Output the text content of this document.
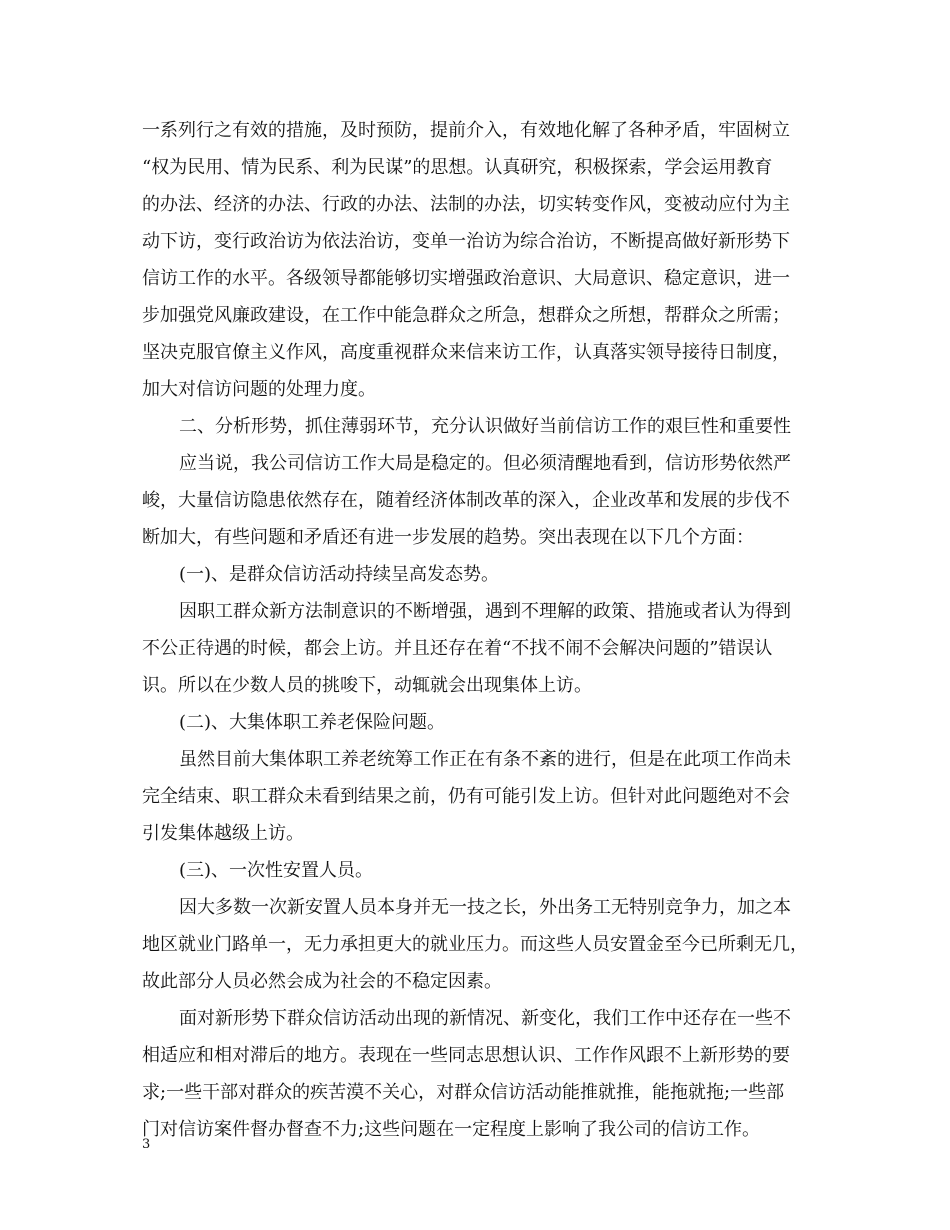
一系列行之有效的措施，及时预防，提前介入，有效地化解了各种矛盾，牢固树立
“权为民用、情为民系、利为民谋”的思想。认真研究，积极探索，学会运用教育
的办法、经济的办法、行政的办法、法制的办法，切实转变作风，变被动应付为主
动下访，变行政治访为依法治访，变单一治访为综合治访，不断提高做好新形势下
信访工作的水平。各级领导都能够切实增强政治意识、大局意识、稳定意识，进一
步加强党风廉政建设，在工作中能急群众之所急，想群众之所想，帮群众之所需；
坚决克服官僚主义作风，高度重视群众来信来访工作，认真落实领导接待日制度，
加大对信访问题的处理力度。
二、分析形势，抓住薄弱环节，充分认识做好当前信访工作的艰巨性和重要性
应当说，我公司信访工作大局是稳定的。但必须清醒地看到，信访形势依然严
峻，大量信访隐患依然存在，随着经济体制改革的深入，企业改革和发展的步伐不
断加大，有些问题和矛盾还有进一步发展的趋势。突出表现在以下几个方面：
(一)、是群众信访活动持续呈高发态势。
因职工群众新方法制意识的不断增强，遇到不理解的政策、措施或者认为得到
不公正待遇的时候，都会上访。并且还存在着“不找不闹不会解决问题的”错误认
识。所以在少数人员的挑唆下，动辄就会出现集体上访。
(二)、大集体职工养老保险问题。
虽然目前大集体职工养老统筹工作正在有条不紊的进行，但是在此项工作尚未
完全结束、职工群众未看到结果之前，仍有可能引发上访。但针对此问题绝对不会
引发集体越级上访。
(三)、一次性安置人员。
因大多数一次新安置人员本身并无一技之长，外出务工无特别竞争力，加之本
地区就业门路单一，无力承担更大的就业压力。而这些人员安置金至今已所剩无几，
故此部分人员必然会成为社会的不稳定因素。
面对新形势下群众信访活动出现的新情况、新变化，我们工作中还存在一些不
相适应和相对滞后的地方。表现在一些同志思想认识、工作作风跟不上新形势的要
求;一些干部对群众的疾苦漠不关心，对群众信访活动能推就推，能拖就拖;一些部
门对信访案件督办督查不力;这些问题在一定程度上影响了我公司的信访工作。
3
